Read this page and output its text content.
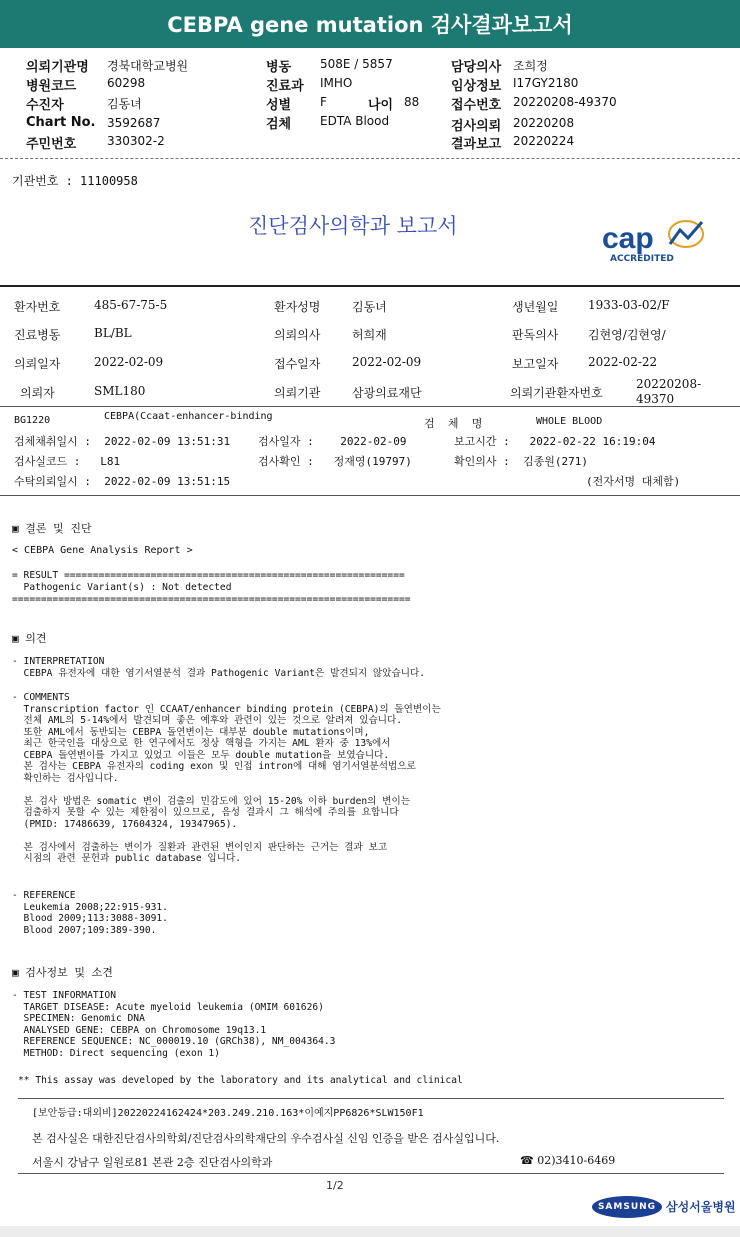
CEBPA gene mutation 검사결과보고서
의뢰기관명 경북대학교병원
병원코드	60298
수진자	김동녀
Chart No. 3592687
주민번호	330302-2
병동 508E / 5857
진료과 IMHO
성별 F	나이 88
검체 EDTA Blood
담당의사 조희정
임상정보 I17GY2180
접수번호 20220208-49370
검사의뢰 20220208
결과보고 20220224
기관번호 : 11100958
진단검사의학과 보고서	cap
ACCREDITED
환자번호	485-67-75-5	환자성명	김동녀	생년월일 1933-03-02/F
진료병동	BL/BL	의뢰의사	허희재	판독의사 김현영/김현영/
의뢰일자	2022-02-09	접수일자	2022-02-09	보고일자 2022-02-22
의뢰자	SML180	의뢰기관	삼광의료재단	의뢰기관환자번호
20220208-
49370
BG1220	CEBPA(Ccaat-enhancer-binding
검  체  명	WHOLE BLOOD
검체채취일시 :  2022-02-09 13:51:31	검사일자 :    2022-02-09	보고시간 :   2022-02-22 16:19:04
검사실코드 :   L81	검사확인 :   정재영(19797)	확인의사 :  김종원(271)
수탁의뢰일시 :  2022-02-09 13:51:15	(전자서명 대체함)
▣ 결론 및 진단
< CEBPA Gene Analysis Report >
= RESULT ===========================================================
Pathogenic Variant(s) : Not detected
=====================================================================
▣ 의견
- INTERPRETATION
CEBPA 유전자에 대한 염기서열분석 결과 Pathogenic Variant은 발견되지 않았습니다.
- COMMENTS
Transcription factor 인 CCAAT/enhancer binding protein (CEBPA)의 돌연변이는
전체 AML의 5-14%에서 발견되며 좋은 예후와 관련이 있는 것으로 알려져 있습니다.
또한 AML에서 동반되는 CEBPA 돌연변이는 대부분 double mutations이며,
최근 한국인을 대상으로 한 연구에서도 정상 핵형을 가지는 AML 환자 중 13%에서
CEBPA 돌연변이를 가지고 있었고 이들은 모두 double mutation을 보였습니다.
본 검사는 CEBPA 유전자의 coding exon 및 인접 intron에 대해 염기서열분석법으로
확인하는 검사입니다.

본 검사 방법은 somatic 변이 검출의 민감도에 있어 15-20% 이하 burden의 변이는
검출하지 못할 수 있는 제한점이 있으므로, 음성 결과시 그 해석에 주의를 요합니다
(PMID: 17486639, 17604324, 19347965).

본 검사에서 검출하는 변이가 질환과 관련된 변이인지 판단하는 근거는 결과 보고
시점의 관련 문헌과 public database 입니다.
- REFERENCE
Leukemia 2008;22:915-931.
Blood 2009;113:3088-3091.
Blood 2007;109:389-390.
▣ 검사정보 및 소견
- TEST INFORMATION
TARGET DISEASE: Acute myeloid leukemia (OMIM 601626)
SPECIMEN: Genomic DNA
ANALYSED GENE: CEBPA on Chromosome 19q13.1
REFERENCE SEQUENCE: NC_000019.10 (GRCh38), NM_004364.3
METHOD: Direct sequencing (exon 1)
** This assay was developed by the laboratory and its analytical and clinical
[보안등급:대외비]20220224162424*203.249.210.163*이예지PP6826*SLW150F1
본 검사실은 대한진단검사의학회/진단검사의학재단의 우수검사실 신임 인증을 받은 검사실입니다.
서울시 강남구 일원로81 본관 2층 진단검사의학과	☎ 02)3410-6469
1/2
SAMSUNG 삼성서울병원
